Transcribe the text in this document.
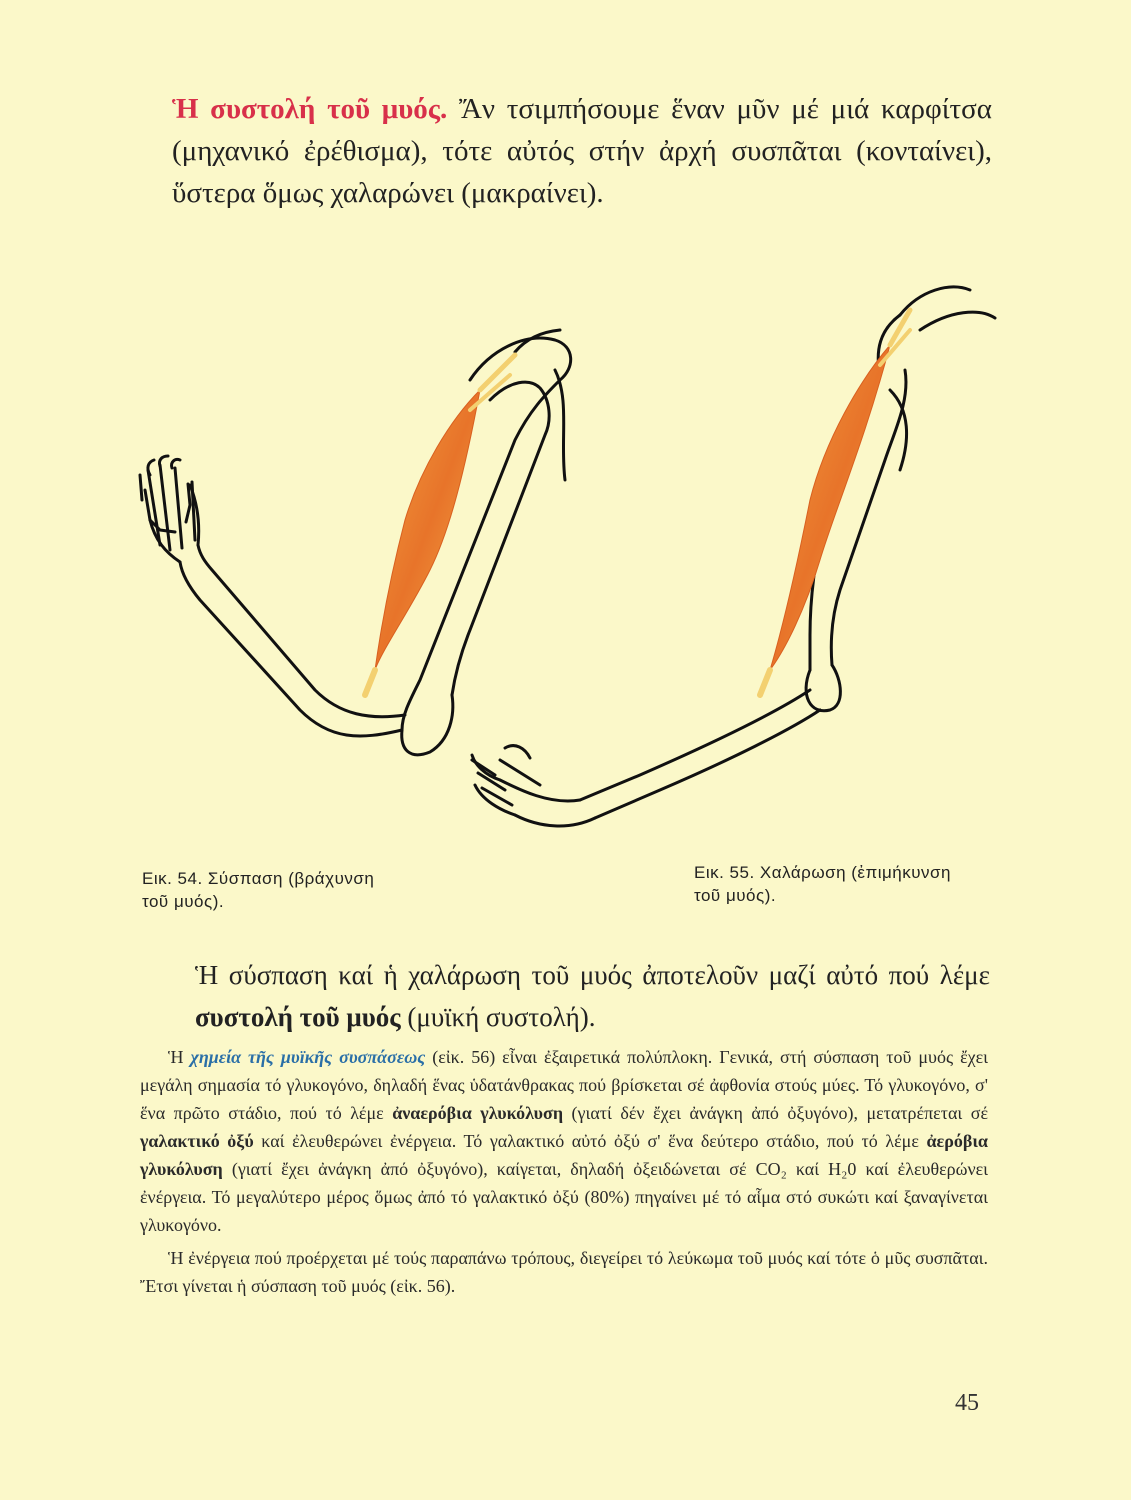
Ἡ συστολή τοῦ μυός. Ἄν τσιμπήσουμε ἕναν μῦν μέ μιά καρφίτσα (μηχανικό ἐρέθισμα), τότε αὐτός στήν ἀρχή συσπᾶται (κονταίνει), ὕστερα ὅμως χαλαρώνει (μακραίνει).
Εικ. 54. Σύσπαση (βράχυνση
τοῦ μυός).
Εικ. 55. Χαλάρωση (ἐπιμήκυνση
τοῦ μυός).
Ἡ σύσπαση καί ἡ χαλάρωση τοῦ μυός ἀποτελοῦν μαζί αὐτό πού λέμε συστολή τοῦ μυός (μυϊκή συστολή).

Ἡ χημεία τῆς μυϊκῆς συσπάσεως (εἰκ. 56) εἶναι ἐξαιρετικά πολύπλοκη. Γενικά, στή σύσπαση τοῦ μυός ἔχει μεγάλη σημασία τό γλυκογόνο, δηλαδή ἕνας ὑδατάνθρακας πού βρίσκεται σέ ἀφθονία στούς μύες. Τό γλυκογόνο, σ' ἕνα πρῶτο στάδιο, πού τό λέμε ἀναερόβια γλυκόλυση (γιατί δέν ἔχει ἀνάγκη ἀπό ὀξυγόνο), μετατρέπεται σέ γαλακτικό ὀξύ καί ἐλευθερώνει ἐνέργεια. Τό γαλακτικό αὐτό ὀξύ σ' ἕνα δεύτερο στάδιο, πού τό λέμε ἀερόβια γλυκόλυση (γιατί ἔχει ἀνάγκη ἀπό ὀξυγόνο), καίγεται, δηλαδή ὀξειδώνεται σέ CO₂ καί H₂0 καί ἐλευθερώνει ἐνέργεια. Τό μεγαλύτερο μέρος ὅμως ἀπό τό γαλακτικό ὀξύ (80%) πηγαίνει μέ τό αἷμα στό συκώτι καί ξαναγίνεται γλυκογόνο.

Ἡ ἐνέργεια πού προέρχεται μέ τούς παραπάνω τρόπους, διεγείρει τό λεύκωμα τοῦ μυός καί τότε ὁ μῦς συσπᾶται. Ἔτσι γίνεται ἡ σύσπαση τοῦ μυός (εἰκ. 56).

45
